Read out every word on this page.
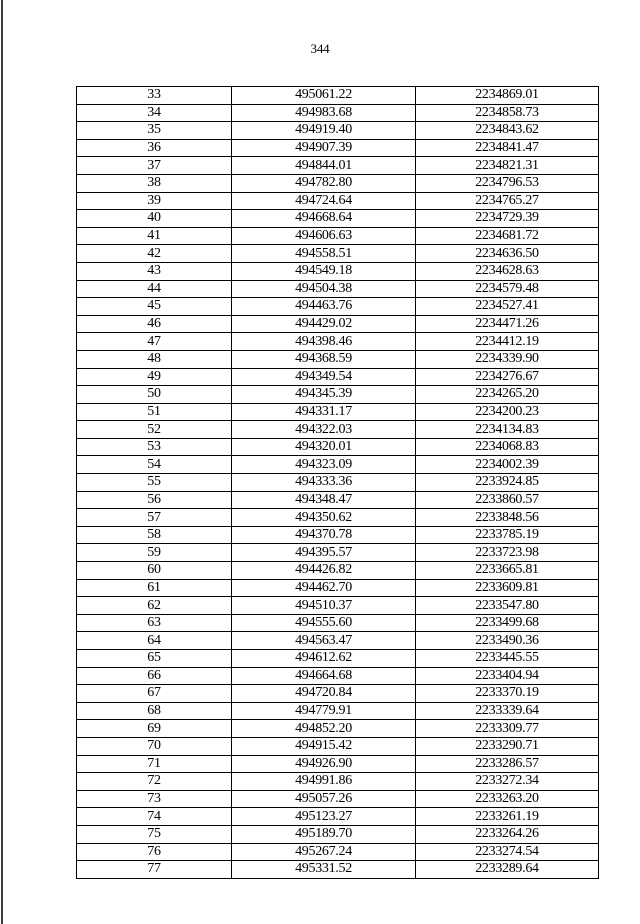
344
33	495061.22	2234869.01
34	494983.68	2234858.73
35	494919.40	2234843.62
36	494907.39	2234841.47
37	494844.01	2234821.31
38	494782.80	2234796.53
39	494724.64	2234765.27
40	494668.64	2234729.39
41	494606.63	2234681.72
42	494558.51	2234636.50
43	494549.18	2234628.63
44	494504.38	2234579.48
45	494463.76	2234527.41
46	494429.02	2234471.26
47	494398.46	2234412.19
48	494368.59	2234339.90
49	494349.54	2234276.67
50	494345.39	2234265.20
51	494331.17	2234200.23
52	494322.03	2234134.83
53	494320.01	2234068.83
54	494323.09	2234002.39
55	494333.36	2233924.85
56	494348.47	2233860.57
57	494350.62	2233848.56
58	494370.78	2233785.19
59	494395.57	2233723.98
60	494426.82	2233665.81
61	494462.70	2233609.81
62	494510.37	2233547.80
63	494555.60	2233499.68
64	494563.47	2233490.36
65	494612.62	2233445.55
66	494664.68	2233404.94
67	494720.84	2233370.19
68	494779.91	2233339.64
69	494852.20	2233309.77
70	494915.42	2233290.71
71	494926.90	2233286.57
72	494991.86	2233272.34
73	495057.26	2233263.20
74	495123.27	2233261.19
75	495189.70	2233264.26
76	495267.24	2233274.54
77	495331.52	2233289.64
